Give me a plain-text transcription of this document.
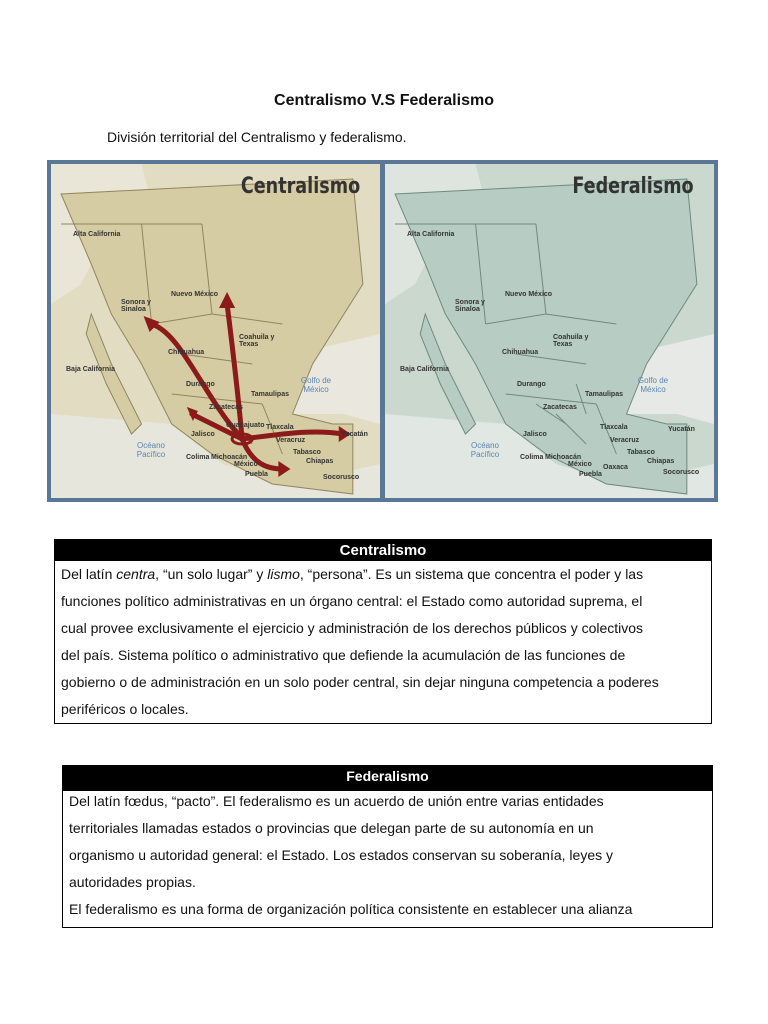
Centralismo V.S Federalismo
División territorial del Centralismo y federalismo.
Centralismo
Alta California
Sonora y Sinaloa
Nuevo México
Coahuila y Texas
Chihuahua
Baja California
Durango
Zacatecas
Tamaulipas
Jalisco
Guanajuato Tlaxcala
Colima Michoacán
México
Puebla
Veracruz
Tabasco
Chiapas
Yucatán
Socorusco
Golfo de México
Océano Pacífico
Federalismo
Alta California
Sonora y Sinaloa
Nuevo México
Coahuila y Texas
Chihuahua
Baja California
Durango
Zacatecas
Tamaulipas
Jalisco
Tlaxcala
Colima Michoacán
México
Puebla
Oaxaca
Veracruz
Tabasco
Chiapas
Yucatán
Socorusco
Golfo de México
Océano Pacífico
Centralismo

Del latín centra, “un solo lugar” y lismo, “persona”. Es un sistema que concentra el poder y las

funciones político administrativas en un órgano central: el Estado como autoridad suprema, el

cual provee exclusivamente el ejercicio y administración de los derechos públicos y colectivos

del país. Sistema político o administrativo que defiende la acumulación de las funciones de

gobierno o de administración en un solo poder central, sin dejar ninguna competencia a poderes

periféricos o locales.

Federalismo

Del latín fœdus, “pacto”. El federalismo es un acuerdo de unión entre varias entidades

territoriales llamadas estados o provincias que delegan parte de su autonomía en un

organismo u autoridad general: el Estado. Los estados conservan su soberanía, leyes y

autoridades propias.

El federalismo es una forma de organización política consistente en establecer una alianza
